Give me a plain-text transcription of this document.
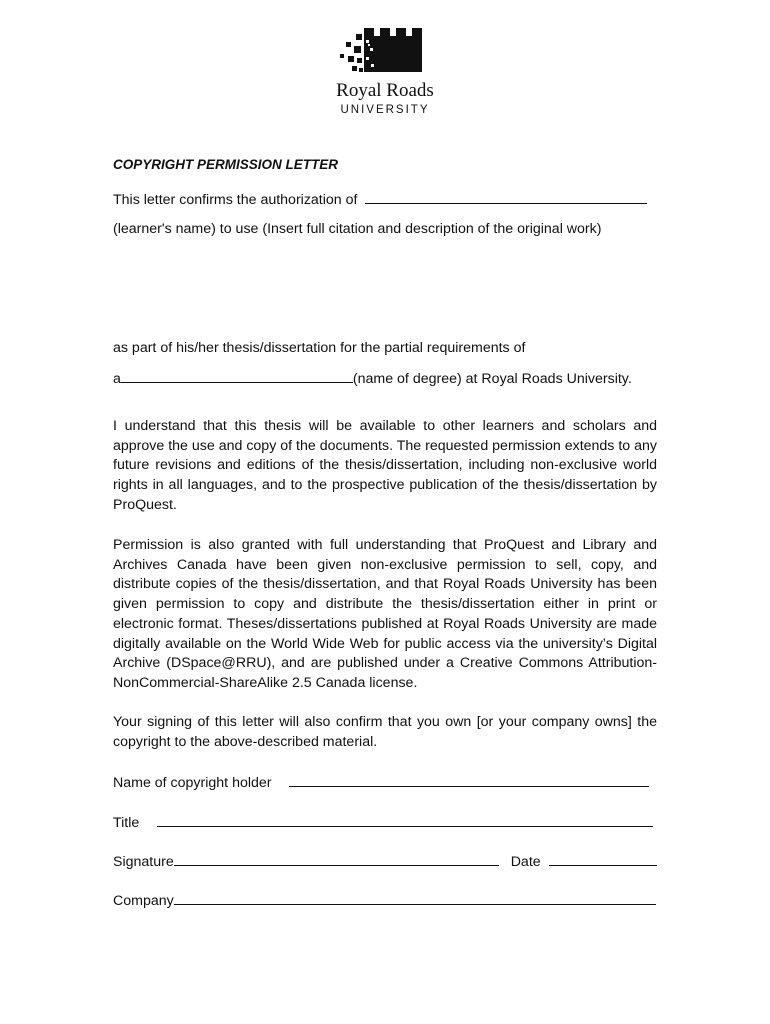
Royal Roads
UNIVERSITY
COPYRIGHT PERMISSION LETTER
This letter confirms the authorization of
(learner's name) to use (Insert full citation and description of the original work)
as part of his/her thesis/dissertation for the partial requirements of
a	(name of degree) at Royal Roads University.
I understand that this thesis will be available to other learners and scholars and approve the use and copy of the documents. The requested permission extends to any future revisions and editions of the thesis/dissertation, including non-exclusive world rights in all languages, and to the prospective publication of the thesis/dissertation by ProQuest.
Permission is also granted with full understanding that ProQuest and Library and Archives Canada have been given non-exclusive permission to sell, copy, and distribute copies of the thesis/dissertation, and that Royal Roads University has been given permission to copy and distribute the thesis/dissertation either in print or electronic format. Theses/dissertations published at Royal Roads University are made digitally available on the World Wide Web for public access via the university’s Digital Archive (DSpace@RRU), and are published under a Creative Commons Attribution-NonCommercial-ShareAlike 2.5 Canada license.
Your signing of this letter will also confirm that you own [or your company owns] the copyright to the above-described material.
Name of copyright holder
Title
Signature	Date
Company
